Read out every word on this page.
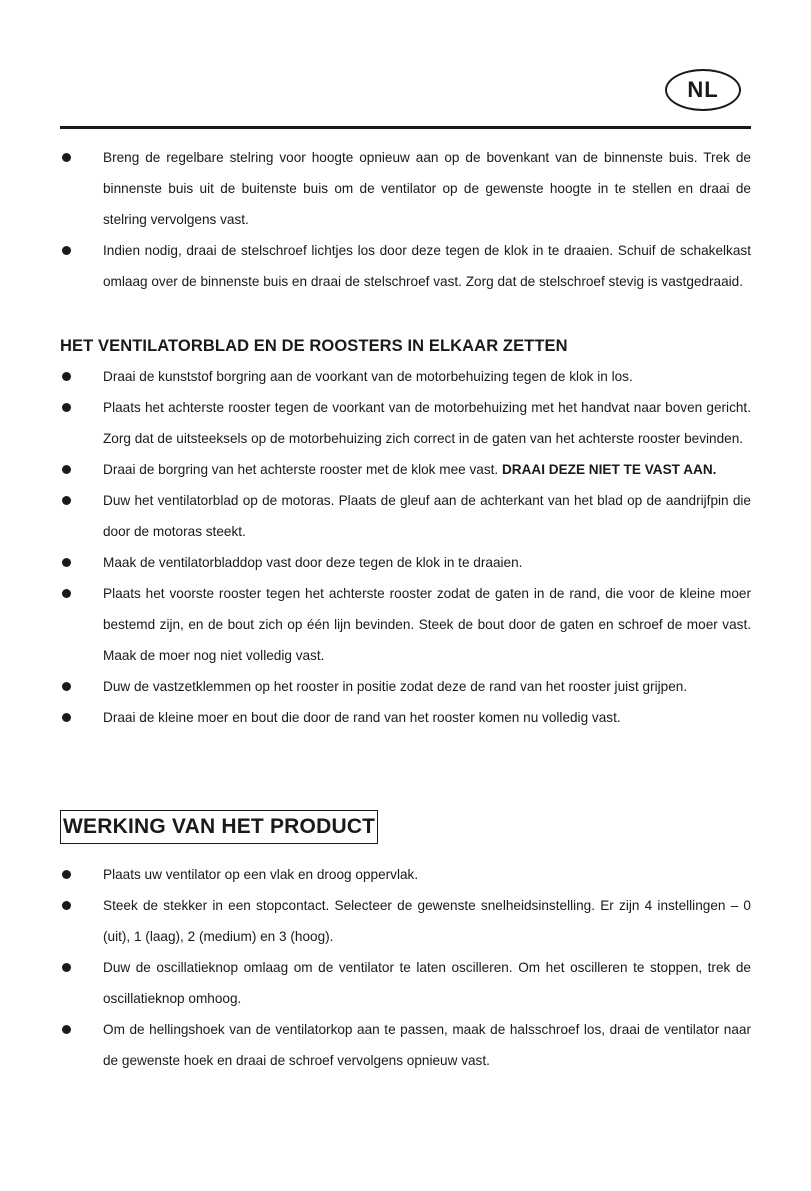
NL
Breng de regelbare stelring voor hoogte opnieuw aan op de bovenkant van de binnenste buis. Trek de binnenste buis uit de buitenste buis om de ventilator op de gewenste hoogte in te stellen en draai de stelring vervolgens vast.
Indien nodig, draai de stelschroef lichtjes los door deze tegen de klok in te draaien. Schuif de schakelkast omlaag over de binnenste buis en draai de stelschroef vast. Zorg dat de stelschroef stevig is vastgedraaid.
HET VENTILATORBLAD EN DE ROOSTERS IN ELKAAR ZETTEN
Draai de kunststof borgring aan de voorkant van de motorbehuizing tegen de klok in los.
Plaats het achterste rooster tegen de voorkant van de motorbehuizing met het handvat naar boven gericht. Zorg dat de uitsteeksels op de motorbehuizing zich correct in de gaten van het achterste rooster bevinden.
Draai de borgring van het achterste rooster met de klok mee vast. DRAAI DEZE NIET TE VAST AAN.
Duw het ventilatorblad op de motoras. Plaats de gleuf aan de achterkant van het blad op de aandrijfpin die door de motoras steekt.
Maak de ventilatorbladdop vast door deze tegen de klok in te draaien.
Plaats het voorste rooster tegen het achterste rooster zodat de gaten in de rand, die voor de kleine moer bestemd zijn, en de bout zich op één lijn bevinden. Steek de bout door de gaten en schroef de moer vast. Maak de moer nog niet volledig vast.
Duw de vastzetklemmen op het rooster in positie zodat deze de rand van het rooster juist grijpen.
Draai de kleine moer en bout die door de rand van het rooster komen nu volledig vast.
WERKING VAN HET PRODUCT
Plaats uw ventilator op een vlak en droog oppervlak.
Steek de stekker in een stopcontact. Selecteer de gewenste snelheidsinstelling. Er zijn 4 instellingen – 0 (uit), 1 (laag), 2 (medium) en 3 (hoog).
Duw de oscillatieknop omlaag om de ventilator te laten oscilleren. Om het oscilleren te stoppen, trek de oscillatieknop omhoog.
Om de hellingshoek van de ventilatorkop aan te passen, maak de halsschroef los, draai de ventilator naar de gewenste hoek en draai de schroef vervolgens opnieuw vast.
